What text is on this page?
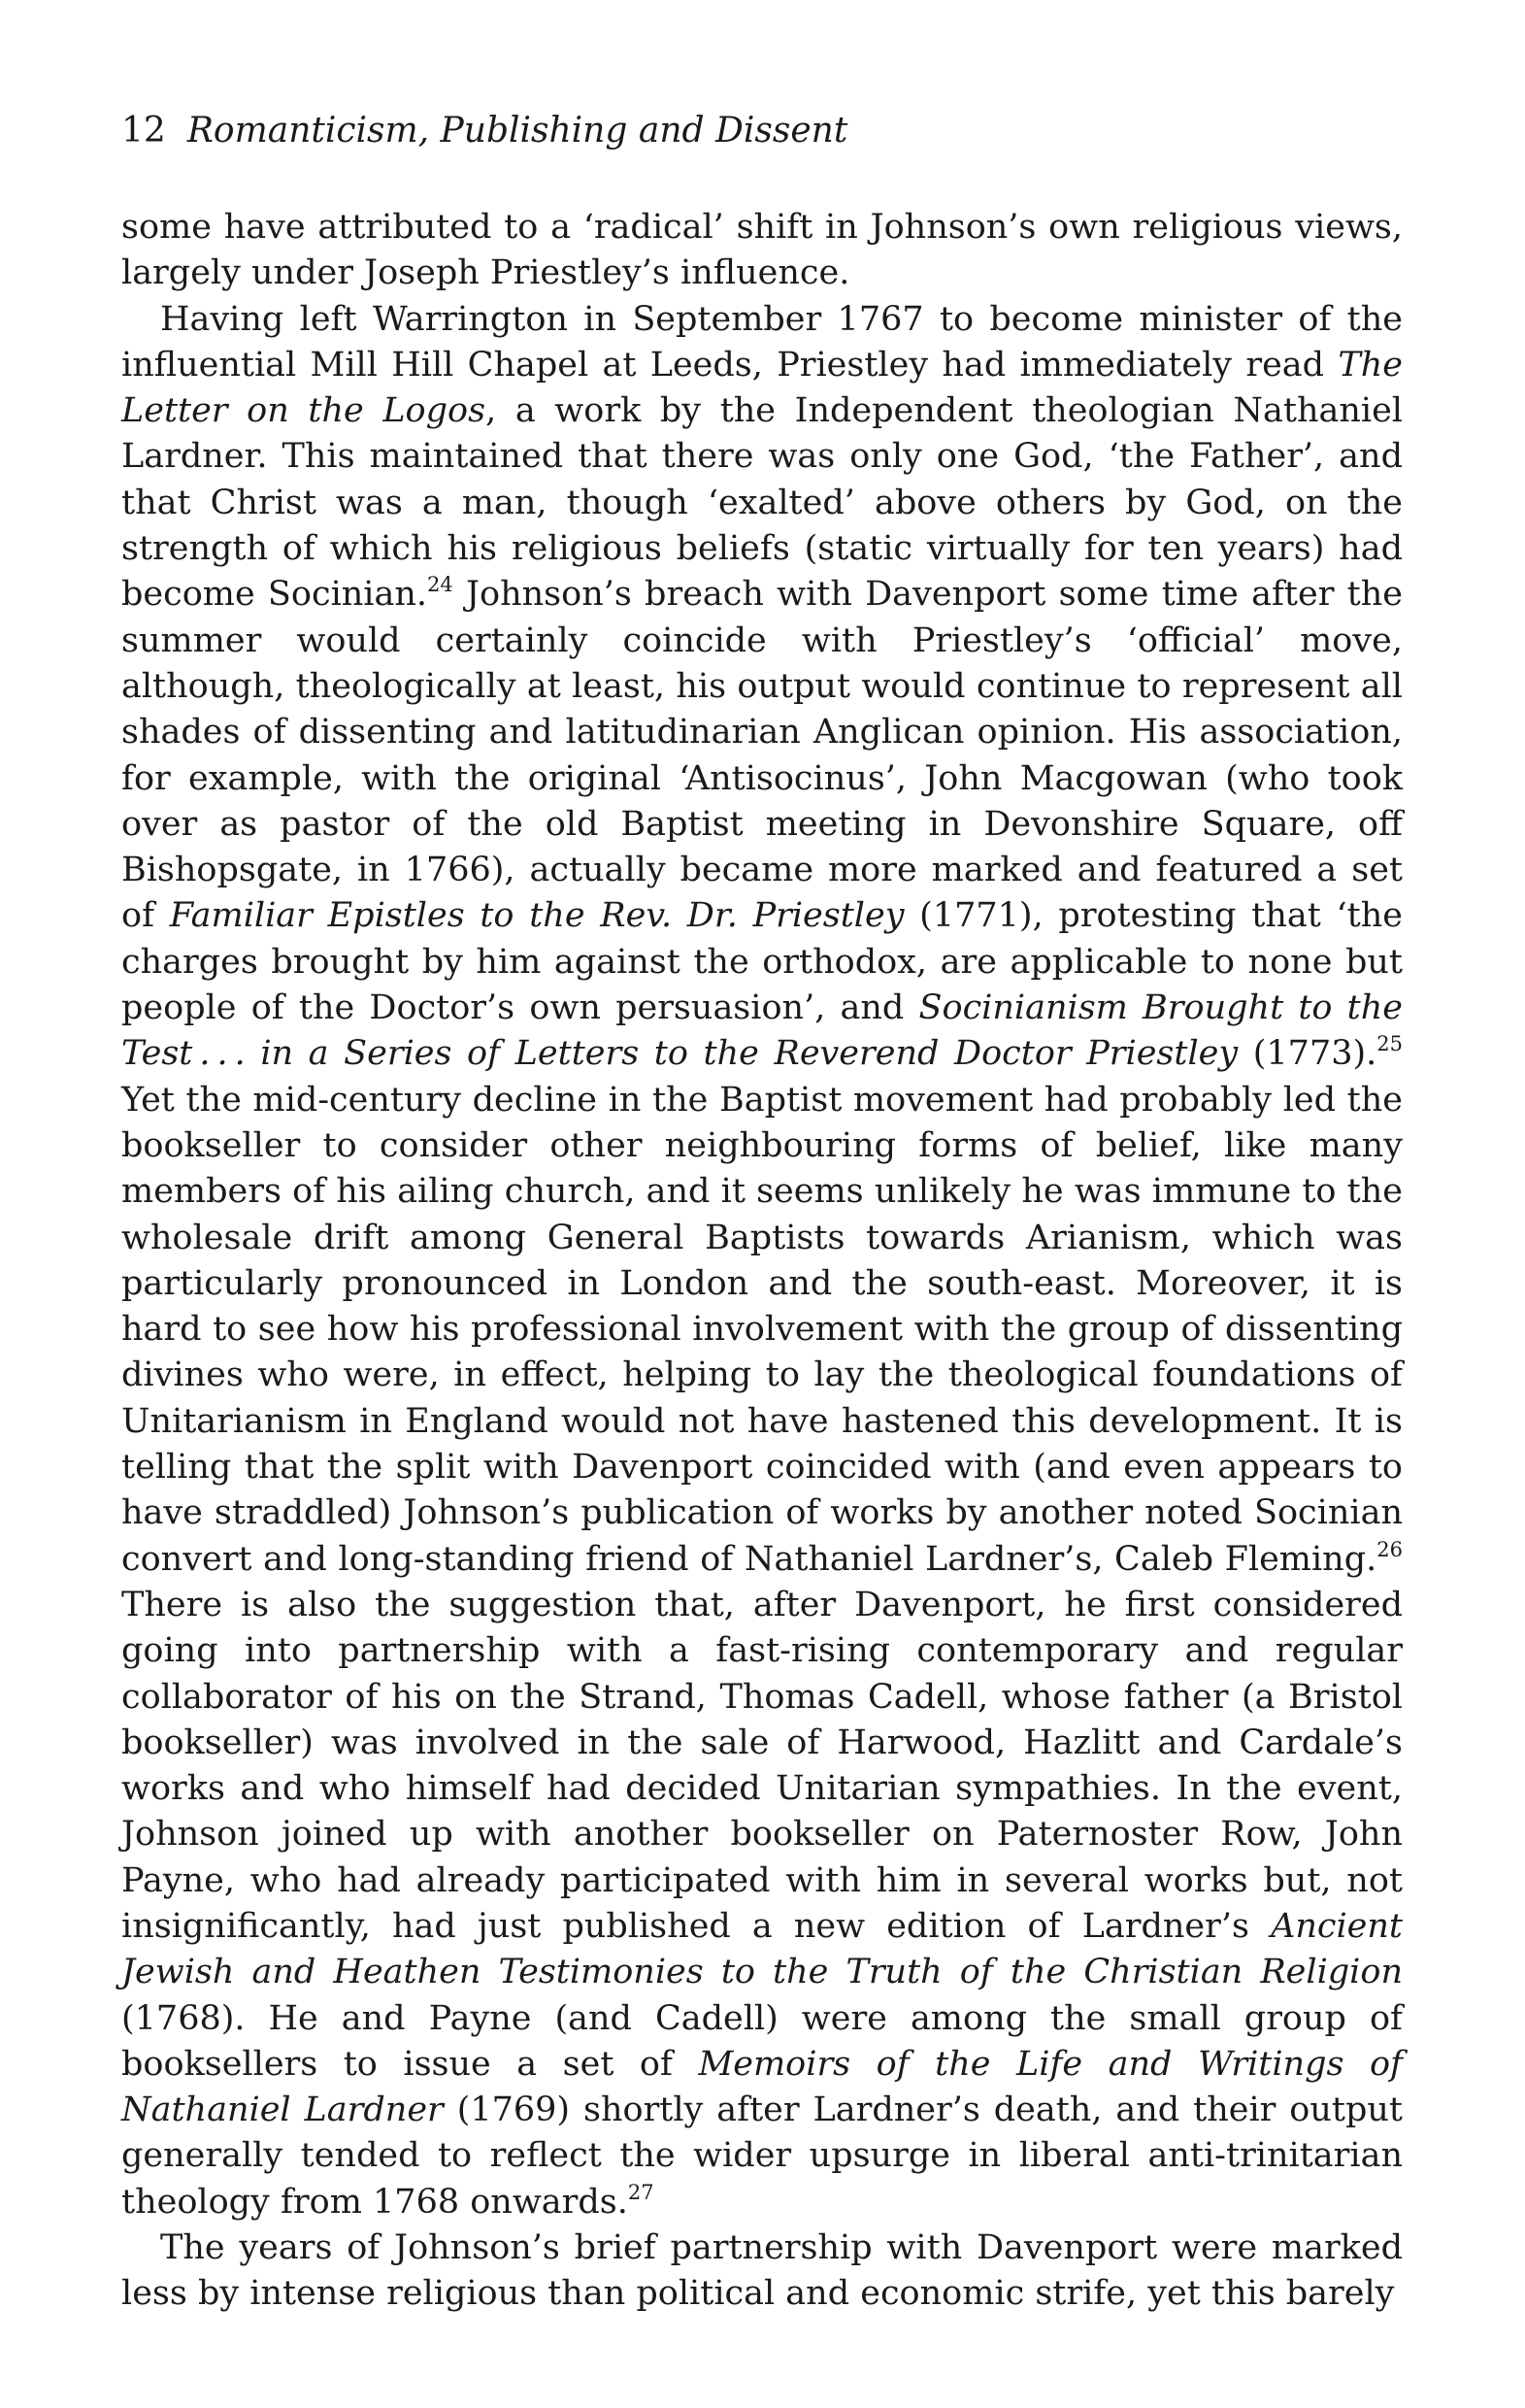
12 Romanticism, Publishing and Dissent

some have attributed to a ‘radical’ shift in Johnson’s own religious views, largely under Joseph Priestley’s influence.

Having left Warrington in September 1767 to become minister of the influential Mill Hill Chapel at Leeds, Priestley had immediately read The Letter on the Logos, a work by the Independent theologian Nathaniel Lardner. This maintained that there was only one God, ‘the Father’, and that Christ was a man, though ‘exalted’ above others by God, on the strength of which his religious beliefs (static virtually for ten years) had become Socinian.$^{24}$ Johnson’s breach with Davenport some time after the summer would certainly coincide with Priestley’s ‘official’ move, although, theologically at least, his output would continue to represent all shades of dissenting and latitudinarian Anglican opinion. His association, for example, with the original ‘Antisocinus’, John Macgowan (who took over as pastor of the old Baptist meeting in Devonshire Square, off Bishopsgate, in 1766), actually became more marked and featured a set of Familiar Epistles to the Rev. Dr. Priestley (1771), protesting that ‘the charges brought by him against the orthodox, are applicable to none but people of the Doctor’s own persuasion’, and Socinianism Brought to the Test . . . in a Series of Letters to the Reverend Doctor Priestley (1773).$^{25}$ Yet the mid-century decline in the Baptist movement had probably led the bookseller to consider other neighbouring forms of belief, like many members of his ailing church, and it seems unlikely he was immune to the wholesale drift among General Baptists towards Arianism, which was particularly pronounced in London and the south-east. Moreover, it is hard to see how his professional involvement with the group of dissenting divines who were, in effect, helping to lay the theological foundations of Unitarianism in England would not have hastened this development. It is telling that the split with Davenport coincided with (and even appears to have straddled) Johnson’s publication of works by another noted Socinian convert and long-standing friend of Nathaniel Lardner’s, Caleb Fleming.$^{26}$ There is also the suggestion that, after Davenport, he first considered going into partnership with a fast-rising contemporary and regular collaborator of his on the Strand, Thomas Cadell, whose father (a Bristol bookseller) was involved in the sale of Harwood, Hazlitt and Cardale’s works and who himself had decided Unitarian sympathies. In the event, Johnson joined up with another bookseller on Paternoster Row, John Payne, who had already participated with him in several works but, not insignificantly, had just published a new edition of Lardner’s Ancient Jewish and Heathen Testimonies to the Truth of the Christian Religion (1768). He and Payne (and Cadell) were among the small group of booksellers to issue a set of Memoirs of the Life and Writings of Nathaniel Lardner (1769) shortly after Lardner’s death, and their output generally tended to reflect the wider upsurge in liberal anti-trinitarian theology from 1768 onwards.$^{27}$

The years of Johnson’s brief partnership with Davenport were marked less by intense religious than political and economic strife, yet this barely
